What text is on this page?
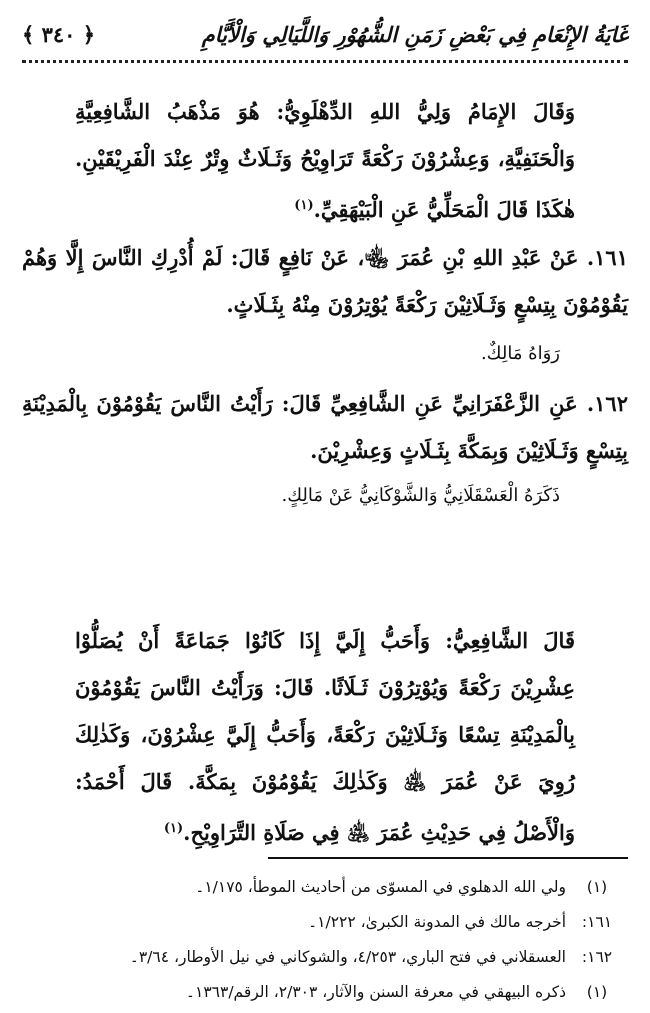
غَايَةُ الإِنْعَامِ فِي بَعْضِ زَمَنِ الشُّهُوْرِ وَاللَّيَالِي وَالْأَيَّامِ
﴿ ٣٤٠ ﴾

وَقَالَ الإِمَامُ وَلِيُّ اللهِ الدِّهْلَوِيُّ: هُوَ مَذْهَبُ الشَّافِعِيَّةِ وَالْحَنَفِيَّةِ، وَعِشْرُوْنَ رَكْعَةً تَرَاوِيْحُ وَثَـلَاثٌ وِتْرٌ عِنْدَ الْفَرِيْقَيْنِ. هٰكَذَا قَالَ الْمَحَلِّيُّ عَنِ الْبَيْهَقِيِّ.$^{(١)}$

١٦١. عَنْ عَبْدِ اللهِ بْنِ عُمَرَ ﵄، عَنْ نَافِعٍ قَالَ: لَمْ أُدْرِكِ النَّاسَ إِلَّا وَهُمْ يَقُوْمُوْنَ بِتِسْعٍ وَثَـلَاثِيْنَ رَكْعَةً يُوْتِرُوْنَ مِنْهُ بِثَـلَاثٍ.

رَوَاهُ مَالِكٌ.

١٦٢. عَنِ الزَّعْفَرَانِيِّ عَنِ الشَّافِعِيِّ قَالَ: رَأَيْتُ النَّاسَ يَقُوْمُوْنَ بِالْمَدِيْنَةِ بِتِسْعٍ وَثَـلَاثِيْنَ وَبِمَكَّةَ بِثَـلَاثٍ وَعِشْرِيْنَ.

ذَكَرَهُ الْعَسْقَلَانِيُّ وَالشَّوْكَانِيُّ عَنْ مَالِكٍ.

قَالَ الشَّافِعِيُّ: وَأَحَبُّ إِلَيَّ إِذَا كَانُوْا جَمَاعَةً أَنْ يُصَلُّوْا عِشْرِيْنَ رَكْعَةً وَيُوْتِرُوْنَ ثَـلَاثًا. قَالَ: وَرَأَيْتُ النَّاسَ يَقُوْمُوْنَ بِالْمَدِيْنَةِ تِسْعًا وَثَـلَاثِيْنَ رَكْعَةً، وَأَحَبُّ إِلَيَّ عِشْرُوْنَ، وَكَذٰلِكَ رُوِيَ عَنْ عُمَرَ ﵁ وَكَذٰلِكَ يَقُوْمُوْنَ بِمَكَّةَ. قَالَ أَحْمَدُ: وَالْأَصْلُ فِي حَدِيْثِ عُمَرَ ﵁ فِي صَلَاةِ التَّرَاوِيْحِ.$^{(١)}$

(١)
ولي الله الدهلوي في المسوّى من أحاديث الموطأ، ١/١٧٥۔
١٦١:
أخرجه مالك في المدونة الكبرىٰ، ١/٢٢٢۔
١٦٢:
العسقلاني في فتح الباري، ٤/٢٥٣، والشوكاني في نيل الأوطار، ٣/٦٤۔
(١)
ذكره البيهقي في معرفة السنن والآثار، ٢/٣٠٣، الرقم/١٣٦٣۔
